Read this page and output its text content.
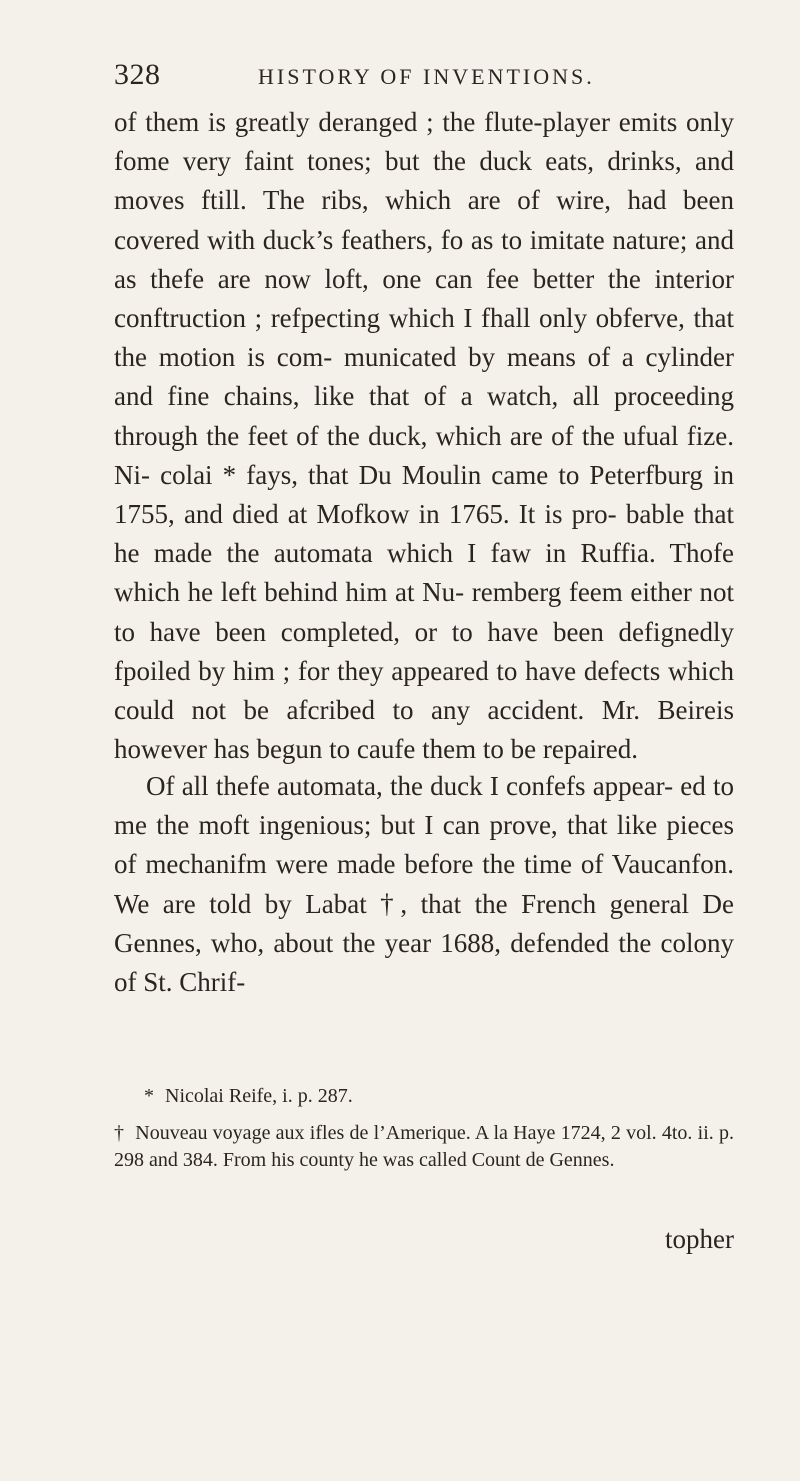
328	HISTORY OF INVENTIONS.

of them is greatly deranged ; the flute-player emits only fome very faint tones; but the duck eats, drinks, and moves ftill. The ribs, which are of wire, had been covered with duck’s feathers, fo as to imitate nature; and as thefe are now loft, one can fee better the interior conftruction ; refpecting which I fhall only obferve, that the motion is com- municated by means of a cylinder and fine chains, like that of a watch, all proceeding through the feet of the duck, which are of the ufual fize. Ni- colai * fays, that Du Moulin came to Peterfburg in 1755, and died at Mofkow in 1765. It is pro- bable that he made the automata which I faw in Ruffia. Thofe which he left behind him at Nu- remberg feem either not to have been completed, or to have been defignedly fpoiled by him ; for they appeared to have defects which could not be afcribed to any accident. Mr. Beireis however has begun to caufe them to be repaired.

Of all thefe automata, the duck I confefs appear- ed to me the moft ingenious; but I can prove, that like pieces of mechanifm were made before the time of Vaucanfon. We are told by Labat †, that the French general De Gennes, who, about the year 1688, defended the colony of St. Chrif-

* Nicolai Reife, i. p. 287.
† Nouveau voyage aux ifles de l’Amerique. A la Haye 1724, 2 vol. 4to. ii. p. 298 and 384. From his county he was called Count de Gennes.
topher
